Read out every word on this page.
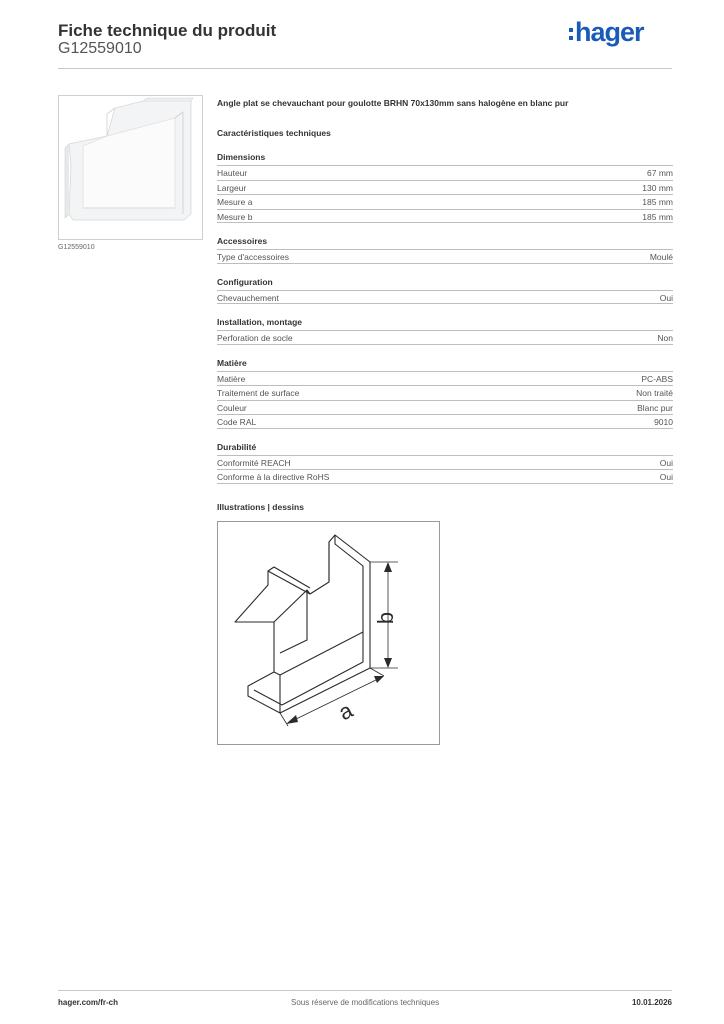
Fiche technique du produit
G12559010
hager
G12559010
Angle plat se chevauchant pour goulotte BRHN 70x130mm sans halogène en blanc pur
Caractéristiques techniques
Dimensions
Hauteur	67 mm
Largeur	130 mm
Mesure a	185 mm
Mesure b	185 mm
Accessoires
Type d'accessoires	Moulé
Configuration
Chevauchement	Oui
Installation, montage
Perforation de socle	Non
Matière
Matière	PC-ABS
Traitement de surface	Non traité
Couleur	Blanc pur
Code RAL	9010
Durabilité
Conformité REACH	Oui
Conforme à la directive RoHS	Oui
Illustrations | dessins
b
a
hager.com/fr-ch	Sous réserve de modifications techniques	10.01.2026
